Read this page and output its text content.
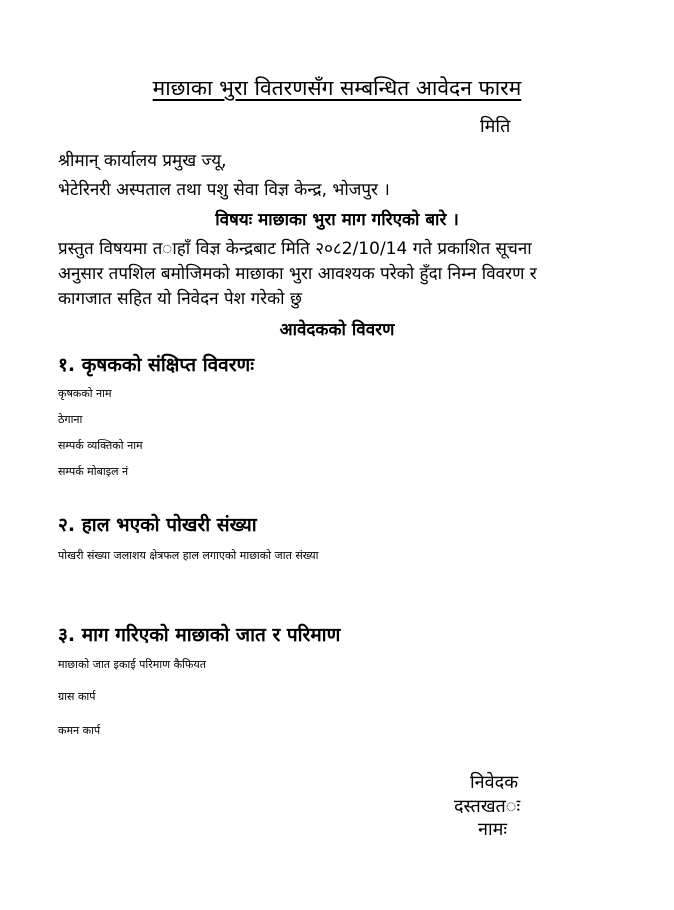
माछाका भुरा वितरणसँग सम्बन्धित आवेदन फारम
मिति
श्रीमान् कार्यालय प्रमुख ज्यू,
भेटेरिनरी अस्पताल तथा पशु सेवा विज्ञ केन्द्र, भोजपुर ।
विषयः माछाका भुरा माग गरिएको बारे ।
प्रस्तुत विषयमा त◌ाहाँ विज्ञ केन्द्रबाट मिति २०८2/10/14 गते प्रकाशित सूचना
अनुसार तपशिल बमोजिमको माछाका भुरा आवश्यक परेको हुँदा निम्न विवरण र
कागजात सहित यो निवेदन पेश गरेको छु
आवेदकको विवरण
१. कृषकको संक्षिप्त विवरणः
कृषकको नाम
ठेगाना
सम्पर्क व्यक्तिको नाम
सम्पर्क मोबाइल नं
२. हाल भएको पोखरी संख्या
पोखरी संख्या जलाशय क्षेत्रफल हाल लगाएको माछाको जात संख्या
३. माग गरिएको माछाको जात र परिमाण
माछाको जात इकाई परिमाण कैफियत
ग्रास कार्प
कमन कार्प
निवेदक
दस्तखत◌ः
नामः
